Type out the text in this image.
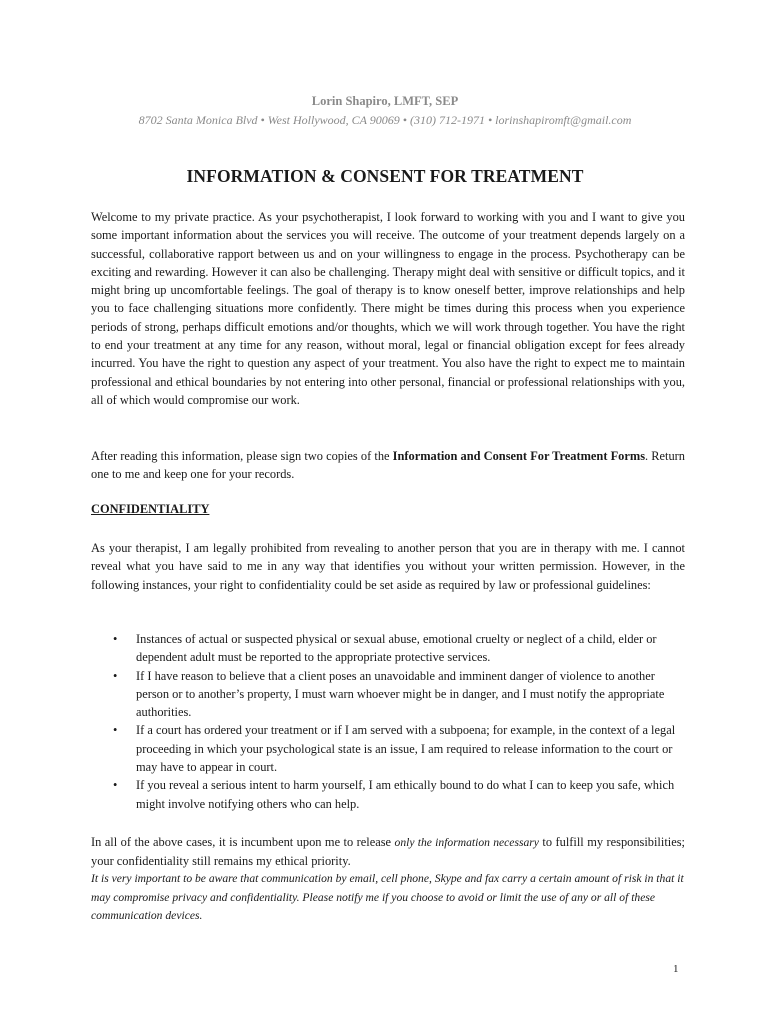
Lorin Shapiro, LMFT, SEP
8702 Santa Monica Blvd • West Hollywood, CA 90069 • (310) 712-1971 • lorinshapiromft@gmail.com
INFORMATION & CONSENT FOR TREATMENT
Welcome to my private practice. As your psychotherapist, I look forward to working with you and I want to give you some important information about the services you will receive. The outcome of your treatment depends largely on a successful, collaborative rapport between us and on your willingness to engage in the process. Psychotherapy can be exciting and rewarding. However it can also be challenging. Therapy might deal with sensitive or difficult topics, and it might bring up uncomfortable feelings. The goal of therapy is to know oneself better, improve relationships and help you to face challenging situations more confidently. There might be times during this process when you experience periods of strong, perhaps difficult emotions and/or thoughts, which we will work through together. You have the right to end your treatment at any time for any reason, without moral, legal or financial obligation except for fees already incurred. You have the right to question any aspect of your treatment. You also have the right to expect me to maintain professional and ethical boundaries by not entering into other personal, financial or professional relationships with you, all of which would compromise our work.
After reading this information, please sign two copies of the Information and Consent For Treatment Forms. Return one to me and keep one for your records.
CONFIDENTIALITY
As your therapist, I am legally prohibited from revealing to another person that you are in therapy with me. I cannot reveal what you have said to me in any way that identifies you without your written permission. However, in the following instances, your right to confidentiality could be set aside as required by law or professional guidelines:
• Instances of actual or suspected physical or sexual abuse, emotional cruelty or neglect of a child, elder or dependent adult must be reported to the appropriate protective services.
• If I have reason to believe that a client poses an unavoidable and imminent danger of violence to another person or to another’s property, I must warn whoever might be in danger, and I must notify the appropriate authorities.
• If a court has ordered your treatment or if I am served with a subpoena; for example, in the context of a legal proceeding in which your psychological state is an issue, I am required to release information to the court or may have to appear in court.
• If you reveal a serious intent to harm yourself, I am ethically bound to do what I can to keep you safe, which might involve notifying others who can help.
In all of the above cases, it is incumbent upon me to release only the information necessary to fulfill my responsibilities; your confidentiality still remains my ethical priority.
It is very important to be aware that communication by email, cell phone, Skype and fax carry a certain amount of risk in that it may compromise privacy and confidentiality. Please notify me if you choose to avoid or limit the use of any or all of these communication devices.
1
